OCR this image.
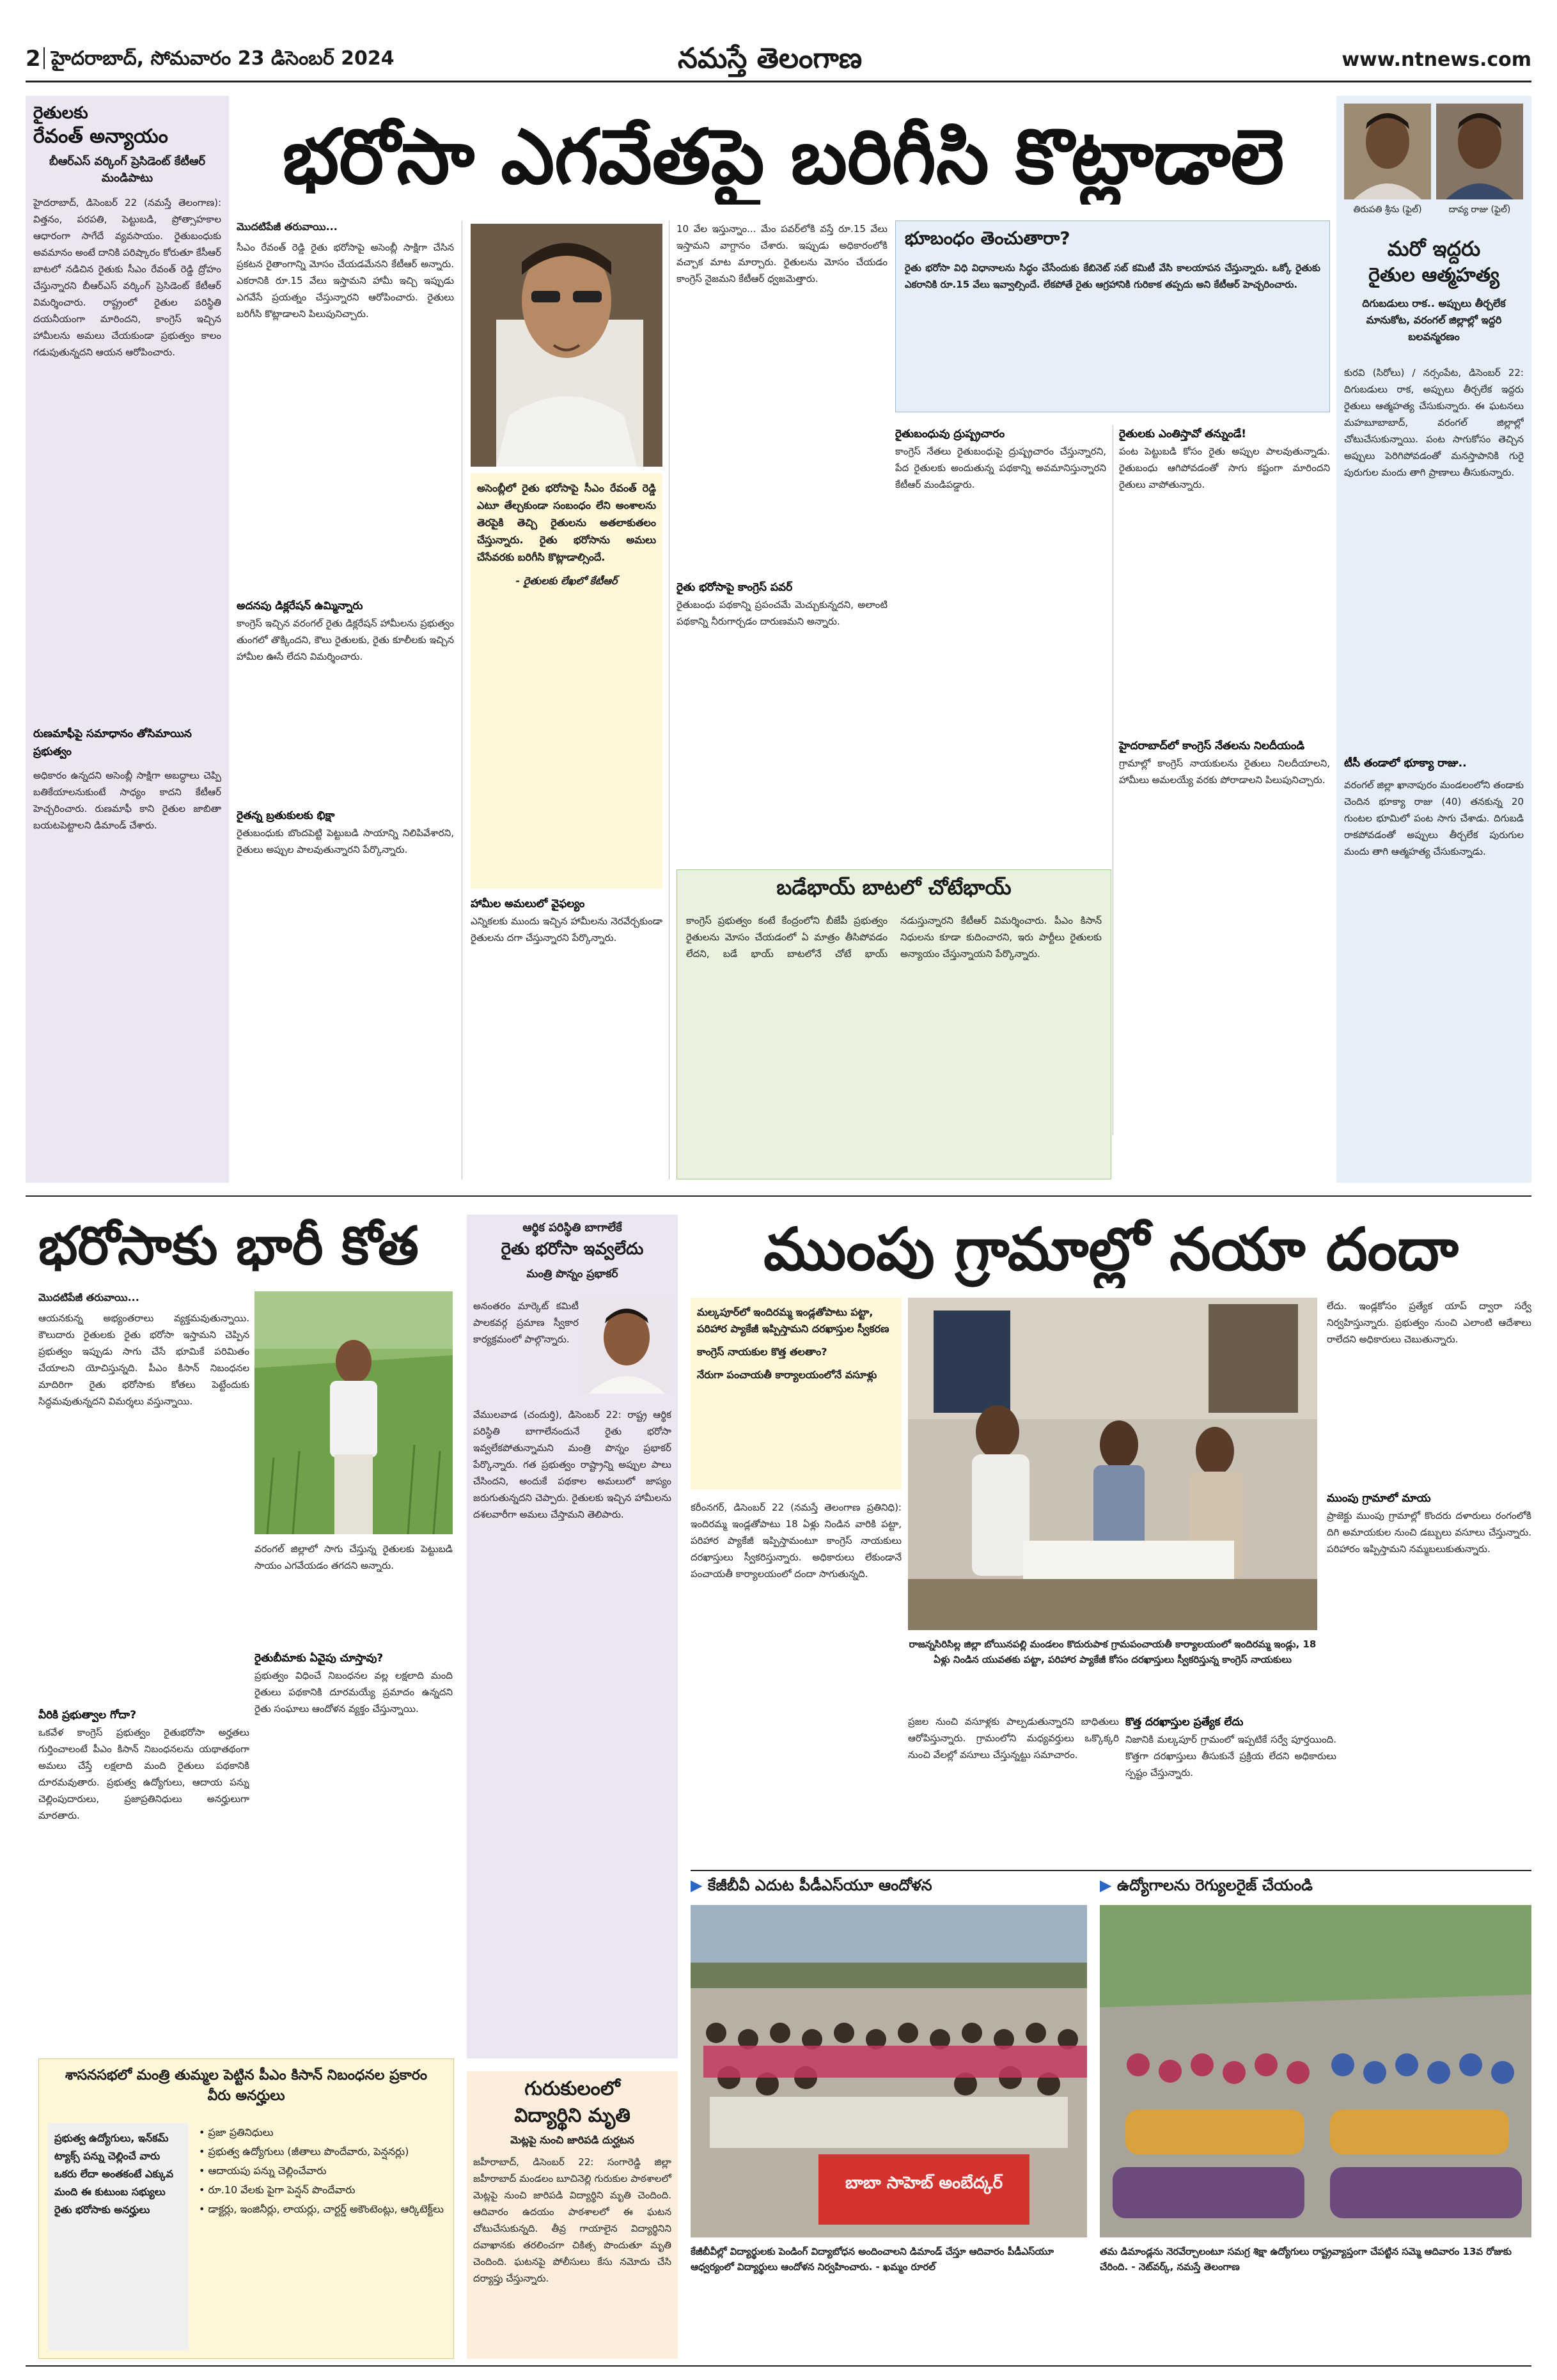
2 హైదరాబాద్, సోమవారం 23 డిసెంబర్ 2024	నమస్తే తెలంగాణ	www.ntnews.com
రైతులకు
రేవంత్ అన్యాయం
బీఆర్ఎస్ వర్కింగ్ ప్రెసిడెంట్ కేటీఆర్ మండిపాటు
హైదరాబాద్, డిసెంబర్ 22 (నమస్తే తెలంగాణ): విత్తనం, పరపతి, పెట్టుబడి, ప్రోత్సాహకాల ఆధారంగా సాగేదే వ్యవసాయం. రైతుబంధుకు అవమానం అంటే దానికి పరిష్కారం కోరుతూ కేసీఆర్ బాటలో నడిచిన రైతుకు సీఎం రేవంత్ రెడ్డి ద్రోహం చేస్తున్నారని బీఆర్ఎస్ వర్కింగ్ ప్రెసిడెంట్ కేటీఆర్ విమర్శించారు. రాష్ట్రంలో రైతుల పరిస్థితి దయనీయంగా మారిందని, కాంగ్రెస్ ఇచ్చిన హామీలను అమలు చేయకుండా ప్రభుత్వం కాలం గడుపుతున్నదని ఆయన ఆరోపించారు.
రుణమాఫీపై సమాధానం తోసిమాయిన ప్రభుత్వం
అధికారం ఉన్నదని అసెంబ్లీ సాక్షిగా అబద్ధాలు చెప్పి బతికేయాలనుకుంటే సాధ్యం కాదని కేటీఆర్ హెచ్చరించారు. రుణమాఫీ కాని రైతుల జాబితా బయటపెట్టాలని డిమాండ్ చేశారు.
భరోసా ఎగవేతపై బరిగీసి కొట్లాడాలె
మొదటిపేజీ తరువాయి...
సీఎం రేవంత్ రెడ్డి రైతు భరోసాపై అసెంబ్లీ సాక్షిగా చేసిన ప్రకటన రైతాంగాన్ని మోసం చేయడమేనని కేటీఆర్ అన్నారు. ఎకరానికి రూ.15 వేలు ఇస్తామని హామీ ఇచ్చి ఇప్పుడు ఎగవేసే ప్రయత్నం చేస్తున్నారని ఆరోపించారు. రైతులు బరిగీసి కొట్లాడాలని పిలుపునిచ్చారు.
అదనపు డిక్లరేషన్ ఉమ్మిన్నారు
కాంగ్రెస్ ఇచ్చిన వరంగల్ రైతు డిక్లరేషన్ హామీలను ప్రభుత్వం తుంగలో తొక్కిందని, కౌలు రైతులకు, రైతు కూలీలకు ఇచ్చిన హామీల ఊసే లేదని విమర్శించారు.
రైతన్న బ్రతుకులకు భిక్షా
రైతుబంధుకు బొందపెట్టి పెట్టుబడి సాయాన్ని నిలిపివేశారని, రైతులు అప్పుల పాలవుతున్నారని పేర్కొన్నారు.
అసెంబ్లీలో రైతు భరోసాపై సీఎం రేవంత్ రెడ్డి ఎటూ తేల్చకుండా సంబంధం లేని అంశాలను తెరపైకి తెచ్చి రైతులను అతలాకుతలం చేస్తున్నారు. రైతు భరోసాను అమలు చేసేవరకు బరిగీసి కొట్లాడాల్సిందే.
- రైతులకు లేఖలో కేటీఆర్
హామీల అమలులో వైఫల్యం
ఎన్నికలకు ముందు ఇచ్చిన హామీలను నెరవేర్చకుండా రైతులను దగా చేస్తున్నారని పేర్కొన్నారు.
10 వేల ఇస్తున్నాం... మేం పవర్‌లోకి వస్తే రూ.15 వేలు ఇస్తామని వాగ్దానం చేశారు. ఇప్పుడు అధికారంలోకి వచ్చాక మాట మార్చారు. రైతులను మోసం చేయడం కాంగ్రెస్ నైజమని కేటీఆర్ ధ్వజమెత్తారు.
రైతు భరోసాపై కాంగ్రెస్ పవర్
రైతుబంధు పథకాన్ని ప్రపంచమే మెచ్చుకున్నదని, అలాంటి పథకాన్ని నీరుగార్చడం దారుణమని అన్నారు.
భూబంధం తెంచుతారా?
రైతు భరోసా విధి విధానాలను సిద్ధం చేసేందుకు కేబినెట్ సబ్ కమిటీ వేసి కాలయాపన చేస్తున్నారు. ఒక్కో రైతుకు ఎకరానికి రూ.15 వేలు ఇవ్వాల్సిందే. లేకపోతే రైతు ఆగ్రహానికి గురికాక తప్పదు అని కేటీఆర్ హెచ్చరించారు.
రైతుబంధువు ద్రుష్ప్రచారం
కాంగ్రెస్ నేతలు రైతుబంధుపై ద్రుష్ప్రచారం చేస్తున్నారని, పేద రైతులకు అందుతున్న పథకాన్ని అవమానిస్తున్నారని కేటీఆర్ మండిపడ్డారు.
రైతులకు ఎంతిస్తావో తన్నుండే!
పంట పెట్టుబడి కోసం రైతు అప్పుల పాలవుతున్నాడు. రైతుబంధు ఆగిపోవడంతో సాగు కష్టంగా మారిందని రైతులు వాపోతున్నారు.
హైదరాబాద్‌లో కాంగ్రెస్ నేతలను నిలదీయండి
గ్రామాల్లో కాంగ్రెస్ నాయకులను రైతులు నిలదీయాలని, హామీలు అమలయ్యే వరకు పోరాడాలని పిలుపునిచ్చారు.
బడేభాయ్ బాటలో చోటేభాయ్
కాంగ్రెస్ ప్రభుత్వం కంటే కేంద్రంలోని బీజేపీ ప్రభుత్వం రైతులను మోసం చేయడంలో ఏ మాత్రం తీసిపోవడం లేదని, బడే భాయ్ బాటలోనే చోటే భాయ్ నడుస్తున్నారని కేటీఆర్ విమర్శించారు. పీఎం కిసాన్ నిధులను కూడా కుదించారని, ఇరు పార్టీలు రైతులకు అన్యాయం చేస్తున్నాయని పేర్కొన్నారు.
తిరుపతి శ్రీను (ఫైల్)	దావ్య రాజు (ఫైల్)
మరో ఇద్దరు
రైతుల ఆత్మహత్య
దిగుబడులు రాక.. అప్పులు తీర్చలేక మానుకోట, వరంగల్ జిల్లాల్లో ఇద్దరి బలవన్మరణం
కురవి (సిరోలు) / నర్సంపేట, డిసెంబర్ 22: దిగుబడులు రాక, అప్పులు తీర్చలేక ఇద్దరు రైతులు ఆత్మహత్య చేసుకున్నారు. ఈ ఘటనలు మహబూబాబాద్, వరంగల్ జిల్లాల్లో చోటుచేసుకున్నాయి. పంట సాగుకోసం తెచ్చిన అప్పులు పెరిగిపోవడంతో మనస్తాపానికి గురై పురుగుల మందు తాగి ప్రాణాలు తీసుకున్నారు.
టీసీ తండాలో భూక్యా రాజు..
వరంగల్ జిల్లా ఖానాపురం మండలంలోని తండాకు చెందిన భూక్యా రాజు (40) తనకున్న 20 గుంటల భూమిలో పంట సాగు చేశాడు. దిగుబడి రాకపోవడంతో అప్పులు తీర్చలేక పురుగుల మందు తాగి ఆత్మహత్య చేసుకున్నాడు.
భరోసాకు భారీ కోత
మొదటిపేజీ తరువాయి...
ఆయనకున్న అభ్యంతరాలు వ్యక్తమవుతున్నాయి. కౌలుదారు రైతులకు రైతు భరోసా ఇస్తామని చెప్పిన ప్రభుత్వం ఇప్పుడు సాగు చేసే భూమికే పరిమితం చేయాలని యోచిస్తున్నది. పీఎం కిసాన్ నిబంధనల మాదిరిగా రైతు భరోసాకు కోతలు పెట్టేందుకు సిద్ధమవుతున్నదని విమర్శలు వస్తున్నాయి.
వీరికి ప్రభుత్వాల గోదా?
ఒకవేళ కాంగ్రెస్ ప్రభుత్వం రైతుభరోసా అర్హతలు గుర్తించాలంటే పీఎం కిసాన్ నిబంధనలను యథాతథంగా అమలు చేస్తే లక్షలాది మంది రైతులు పథకానికి దూరమవుతారు. ప్రభుత్వ ఉద్యోగులు, ఆదాయ పన్ను చెల్లింపుదారులు, ప్రజాప్రతినిధులు అనర్హులుగా మారతారు.
వరంగల్ జిల్లాలో సాగు చేస్తున్న రైతులకు పెట్టుబడి సాయం ఎగవేయడం తగదని అన్నారు.
రైతుబీమాకు ఏవైపు చూస్తావు?
ప్రభుత్వం విధించే నిబంధనల వల్ల లక్షలాది మంది రైతులు పథకానికి దూరమయ్యే ప్రమాదం ఉన్నదని రైతు సంఘాలు ఆందోళన వ్యక్తం చేస్తున్నాయి.
శాసనసభలో మంత్రి తుమ్మల పెట్టిన పీఎం కిసాన్ నిబంధనల ప్రకారం వీరు అనర్హులు
ప్రభుత్వ ఉద్యోగులు, ఇన్‌కమ్ ట్యాక్స్ పన్ను చెల్లించే వారు ఒకరు లేదా అంతకంటే ఎక్కువ మంది ఈ కుటుంబ సభ్యులు రైతు భరోసాకు అనర్హులు
• ప్రజా ప్రతినిధులు
• ప్రభుత్వ ఉద్యోగులు (జీతాలు పొందేవారు, పెన్షనర్లు)
• ఆదాయపు పన్ను చెల్లించేవారు
• రూ.10 వేలకు పైగా పెన్షన్ పొందేవారు
• డాక్టర్లు, ఇంజినీర్లు, లాయర్లు, చార్టర్డ్ అకౌంటెంట్లు, ఆర్కిటెక్ట్‌లు
ఆర్థిక పరిస్థితి బాగాలేకే
రైతు భరోసా ఇవ్వలేదు
మంత్రి పొన్నం ప్రభాకర్
అనంతరం మార్కెట్ కమిటీ పాలకవర్గ ప్రమాణ స్వీకార కార్యక్రమంలో పాల్గొన్నారు.
వేములవాడ (చందుర్తి), డిసెంబర్ 22: రాష్ట్ర ఆర్థిక పరిస్థితి బాగాలేనందునే రైతు భరోసా ఇవ్వలేకపోతున్నామని మంత్రి పొన్నం ప్రభాకర్ పేర్కొన్నారు. గత ప్రభుత్వం రాష్ట్రాన్ని అప్పుల పాలు చేసిందని, అందుకే పథకాల అమలులో జాప్యం జరుగుతున్నదని చెప్పారు. రైతులకు ఇచ్చిన హామీలను దశలవారీగా అమలు చేస్తామని తెలిపారు.
గురుకులంలో
విద్యార్థిని మృతి
మెట్లపై నుంచి జారిపడి దుర్ఘటన
జహీరాబాద్, డిసెంబర్ 22: సంగారెడ్డి జిల్లా జహీరాబాద్ మండలం బూచినెల్లి గురుకుల పాఠశాలలో మెట్లపై నుంచి జారిపడి విద్యార్థిని మృతి చెందింది. ఆదివారం ఉదయం పాఠశాలలో ఈ ఘటన చోటుచేసుకున్నది. తీవ్ర గాయాలైన విద్యార్థినిని దవాఖానకు తరలించగా చికిత్స పొందుతూ మృతి చెందింది. ఘటనపై పోలీసులు కేసు నమోదు చేసి దర్యాప్తు చేస్తున్నారు.
ముంపు గ్రామాల్లో నయా దందా
మల్కపూర్‌లో ఇందిరమ్మ ఇండ్లతోపాటు పట్టా, పరిహార ప్యాకేజీ ఇప్పిస్తామని దరఖాస్తుల స్వీకరణ
కాంగ్రెస్ నాయకుల కొత్త తలతాం?
నేరుగా పంచాయతీ కార్యాలయంలోనే వసూళ్లు
రాజన్నసిరిసిల్ల జిల్లా బోయినపల్లి మండలం కొదురుపాక గ్రామపంచాయతీ కార్యాలయంలో ఇందిరమ్మ ఇండ్లు, 18 ఏళ్లు నిండిన యువతకు పట్టా, పరిహార ప్యాకేజీ కోసం దరఖాస్తులు స్వీకరిస్తున్న కాంగ్రెస్ నాయకులు
కరీంనగర్, డిసెంబర్ 22 (నమస్తే తెలంగాణ ప్రతినిధి): ఇందిరమ్మ ఇండ్లతోపాటు 18 ఏళ్లు నిండిన వారికి పట్టా, పరిహార ప్యాకేజీ ఇప్పిస్తామంటూ కాంగ్రెస్ నాయకులు దరఖాస్తులు స్వీకరిస్తున్నారు. అధికారులు లేకుండానే పంచాయతీ కార్యాలయంలో దందా సాగుతున్నది.
లేదు. ఇండ్లకోసం ప్రత్యేక యాప్ ద్వారా సర్వే నిర్వహిస్తున్నారు. ప్రభుత్వం నుంచి ఎలాంటి ఆదేశాలు రాలేదని అధికారులు చెబుతున్నారు.
ముంపు గ్రామాలో మాయ
ప్రాజెక్టు ముంపు గ్రామాల్లో కొందరు దళారులు రంగంలోకి దిగి అమాయకుల నుంచి డబ్బులు వసూలు చేస్తున్నారు. పరిహారం ఇప్పిస్తామని నమ్మబలుకుతున్నారు.
ప్రజల నుంచి వసూళ్లకు పాల్పడుతున్నారని బాధితులు ఆరోపిస్తున్నారు. గ్రామంలోని మధ్యవర్తులు ఒక్కొక్కరి నుంచి వేలల్లో వసూలు చేస్తున్నట్టు సమాచారం.
కొత్త దరఖాస్తుల ప్రత్యేక లేదు
నిజానికి మల్కపూర్ గ్రామంలో ఇప్పటికే సర్వే పూర్తయింది. కొత్తగా దరఖాస్తులు తీసుకునే ప్రక్రియ లేదని అధికారులు స్పష్టం చేస్తున్నారు.
▶ కేజీబీవీ ఎదుట పీడీఎస్‌యూ ఆందోళన
బాబా సాహెబ్ అంబేద్కర్
▶ ఉద్యోగాలను రెగ్యులరైజ్ చేయండి
తమ డిమాండ్లను నెరవేర్చాలంటూ సమగ్ర శిక్షా ఉద్యోగులు రాష్ట్రవ్యాప్తంగా చేపట్టిన సమ్మె ఆదివారం 13వ రోజుకు చేరింది. - నెట్‌వర్క్, నమస్తే తెలంగాణ
కేజీబీవీల్లో విద్యార్థులకు పెండింగ్ విద్యాబోధన అందించాలని డిమాండ్ చేస్తూ ఆదివారం పీడీఎస్‌యూ ఆధ్వర్యంలో విద్యార్థులు ఆందోళన నిర్వహించారు. - ఖమ్మం రూరల్
